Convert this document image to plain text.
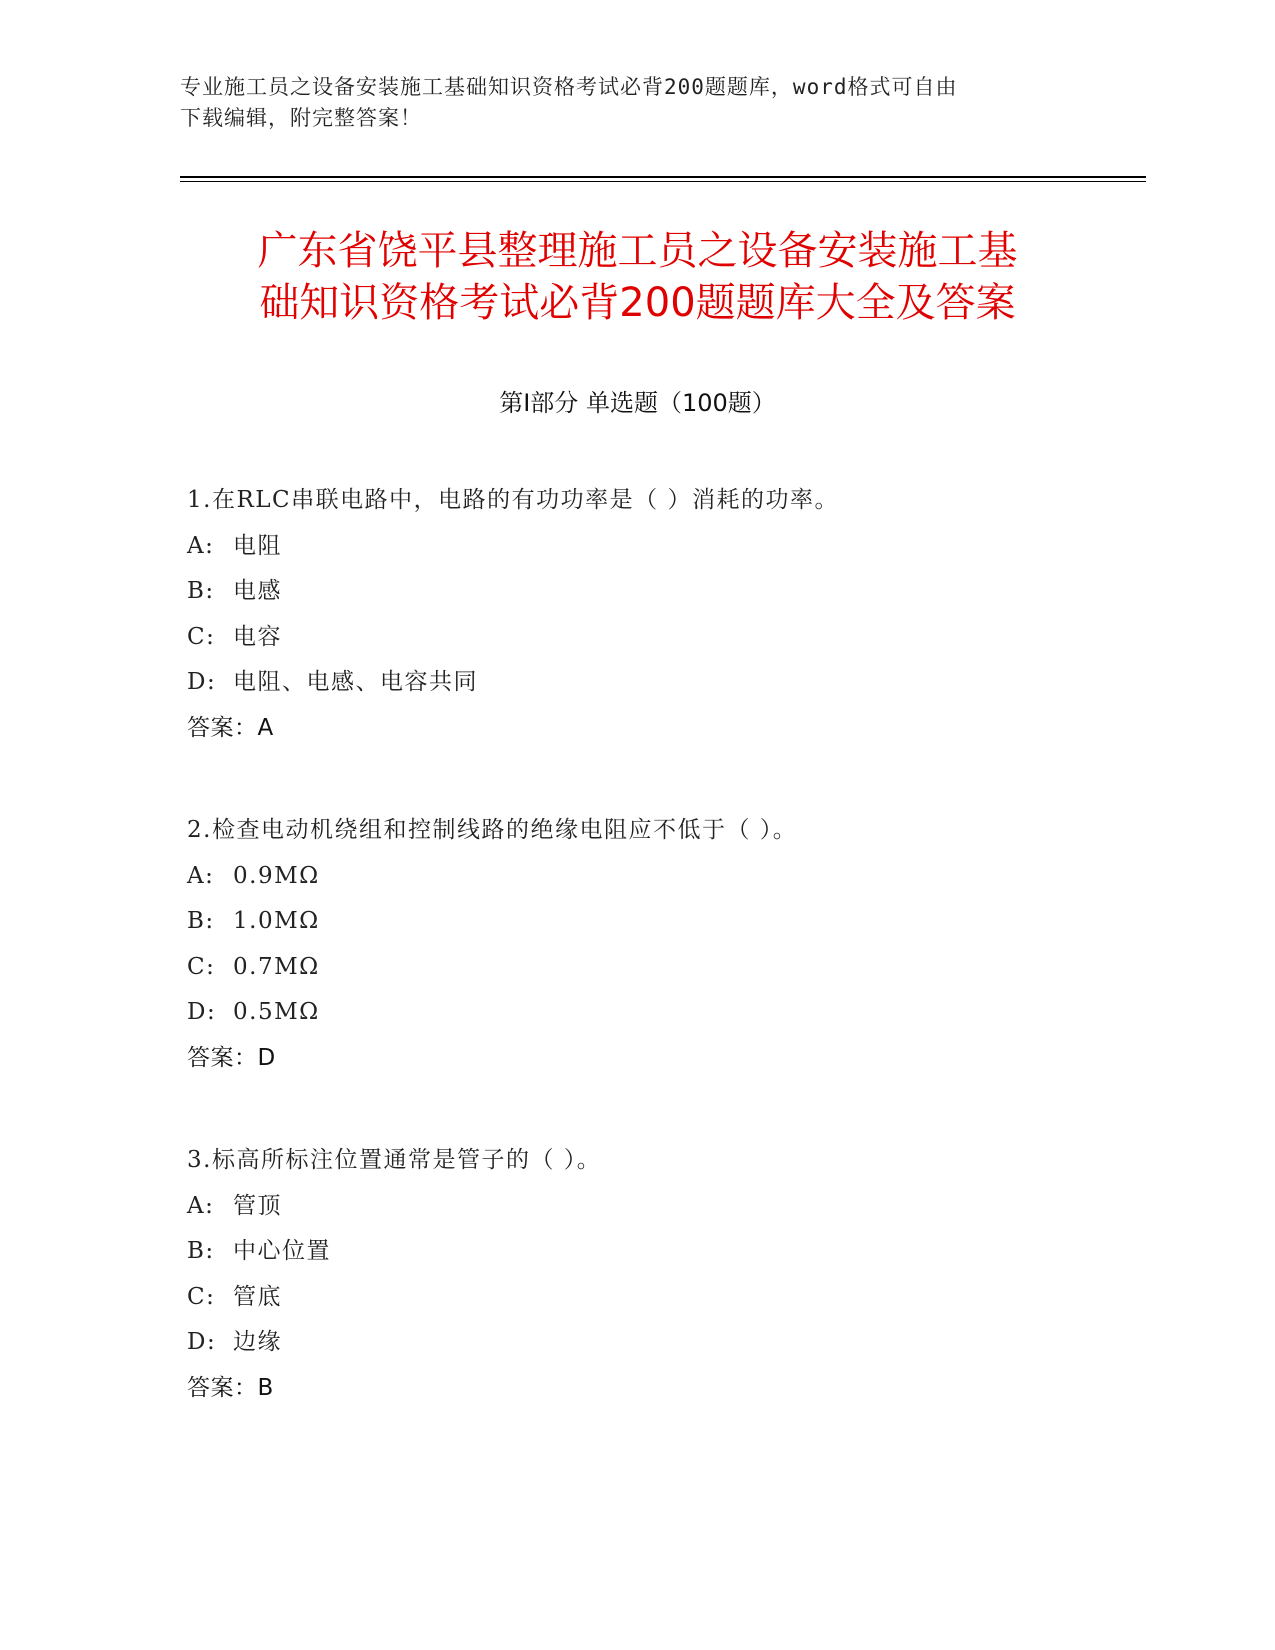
专业施工员之设备安装施工基础知识资格考试必背200题题库，word格式可自由
下载编辑，附完整答案！
广东省饶平县整理施工员之设备安装施工基
础知识资格考试必背200题题库大全及答案
第Ⅰ部分 单选题（100题）
1.在RLC串联电路中，电路的有功功率是（ ）消耗的功率。
A: 电阻
B: 电感
C: 电容
D: 电阻、电感、电容共同
答案：A
2.检查电动机绕组和控制线路的绝缘电阻应不低于（ ）。
A: 0.9MΩ
B: 1.0MΩ
C: 0.7MΩ
D: 0.5MΩ
答案：D
3.标高所标注位置通常是管子的（ ）。
A: 管顶
B: 中心位置
C: 管底
D: 边缘
答案：B
